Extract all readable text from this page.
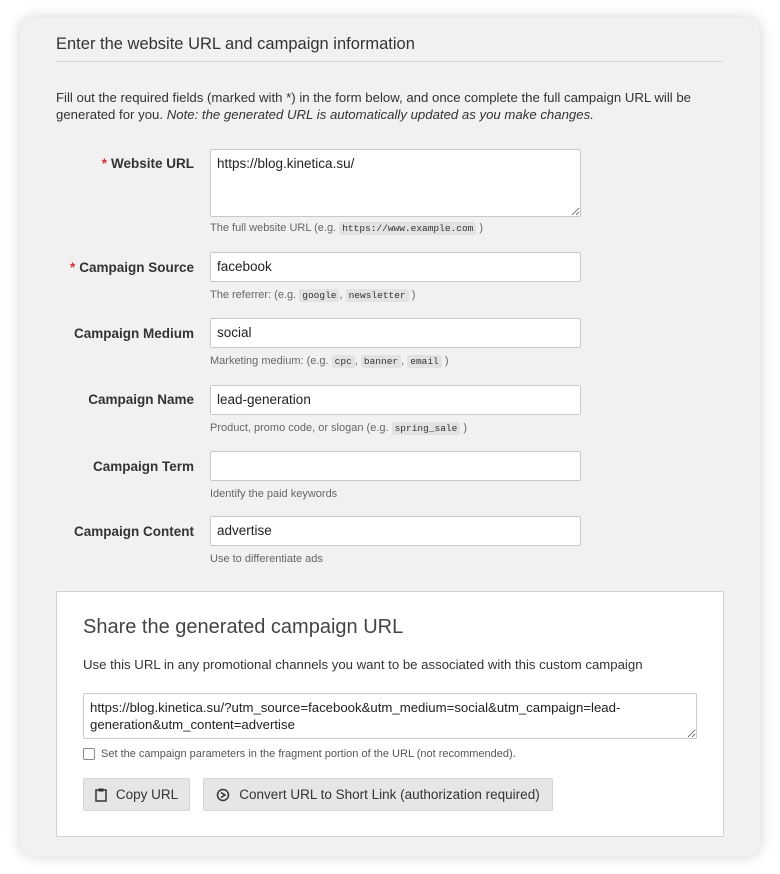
Enter the website URL and campaign information
Fill out the required fields (marked with *) in the form below, and once complete the full campaign URL will be generated for you. Note: the generated URL is automatically updated as you make changes.
* Website URL
https://blog.kinetica.su/
The full website URL (e.g. https://www.example.com )
* Campaign Source
facebook
The referrer: (e.g. google , newsletter )
Campaign Medium
social
Marketing medium: (e.g. cpc , banner , email )
Campaign Name
lead-generation
Product, promo code, or slogan (e.g. spring_sale )
Campaign Term
Identify the paid keywords
Campaign Content
advertise
Use to differentiate ads
Share the generated campaign URL
Use this URL in any promotional channels you want to be associated with this custom campaign
https://blog.kinetica.su/?utm_source=facebook&utm_medium=social&utm_campaign=lead-generation&utm_content=advertise
Set the campaign parameters in the fragment portion of the URL (not recommended).
Copy URL	Convert URL to Short Link (authorization required)
